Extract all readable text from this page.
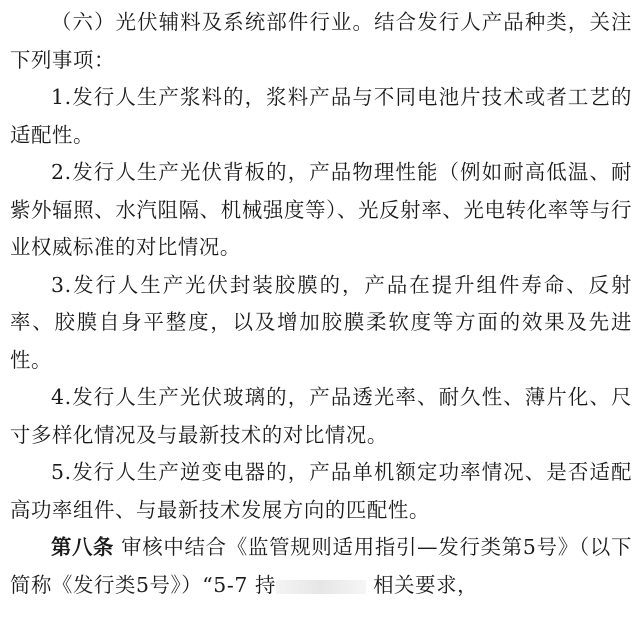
（六）光伏辅料及系统部件行业。结合发行人产品种类，关注下列事项：

1.发行人生产浆料的，浆料产品与不同电池片技术或者工艺的适配性。

2.发行人生产光伏背板的，产品物理性能（例如耐高低温、耐紫外辐照、水汽阻隔、机械强度等）、光反射率、光电转化率等与行业权威标准的对比情况。

3.发行人生产光伏封装胶膜的，产品在提升组件寿命、反射率、胶膜自身平整度，以及增加胶膜柔软度等方面的效果及先进性。

4.发行人生产光伏玻璃的，产品透光率、耐久性、薄片化、尺寸多样化情况及与最新技术的对比情况。

5.发行人生产逆变电器的，产品单机额定功率情况、是否适配高功率组件、与最新技术发展方向的匹配性。

第八条 审核中结合《监管规则适用指引—发行类第5号》（以下简称《发行类5号》）“5-7 持	相关要求，
